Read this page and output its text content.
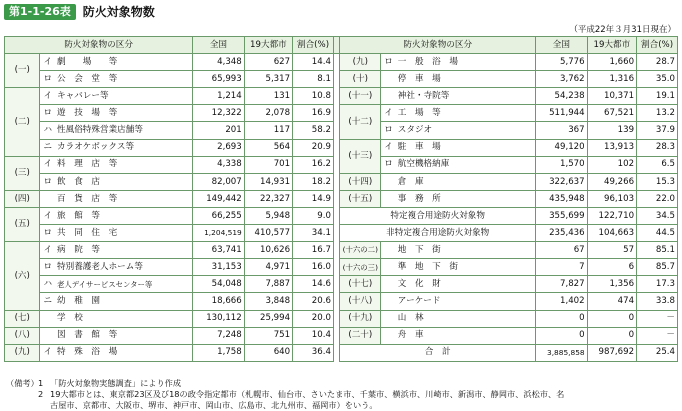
第1-1-26表	防火対象物数
（平成22年３月31日現在）
防火対象物の区分			全国	19大都市	割合(%)		防火対象物の区分			全国	19大都市	割合(%)
(一)	イ	劇　　場　　等	4,348	627	14.4		(九)	ロ	一　般　浴　場	5,776	1,660	28.7
	ロ	公　会　堂　等	65,993	5,317	8.1		(十)		停　車　場	3,762	1,316	35.0
(二)	イ	キャバレー等	1,214	131	10.8		(十一)		神社・寺院等	54,238	10,371	19.1
	ロ	遊　技　場　等	12,322	2,078	16.9		(十二)	イ	工　場　等	511,944	67,521	13.2
	ハ	性風俗特殊営業店舗等	201	117	58.2			ロ	スタジオ	367	139	37.9
	ニ	カラオケボックス等	2,693	564	20.9		(十三)	イ	駐　車　場	49,120	13,913	28.3
(三)	イ	料　理　店　等	4,338	701	16.2			ロ	航空機格納庫	1,570	102	6.5
	ロ	飲　食　店	82,007	14,931	18.2		(十四)		倉　庫	322,637	49,266	15.3
(四)		百　貨　店　等	149,442	22,327	14.9		(十五)		事　務　所	435,948	96,103	22.0
(五)	イ	旅　館　等	66,255	5,948	9.0		特定複合用途防火対象物			355,699	122,710	34.5
	ロ	共　同　住　宅	1,204,519	410,577	34.1		非特定複合用途防火対象物			235,436	104,663	44.5
(六)	イ	病　院　等	63,741	10,626	16.7		(十六の二)		地　下　街	67	57	85.1
	ロ	特別養護老人ホーム等	31,153	4,971	16.0		(十六の三)		準　地　下　街	7	6	85.7
	ハ	老人デイサービスセンター等	54,048	7,887	14.6		(十七)		文　化　財	7,827	1,356	17.3
	ニ	幼　稚　園	18,666	3,848	20.6		(十八)		アーケード	1,402	474	33.8
(七)		学　校	130,112	25,994	20.0		(十九)		山　林	0	0	－
(八)		図　書　館　等	7,248	751	10.4		(二十)		舟　車	0	0	－
(九)	イ	特　殊　浴　場	1,758	640	36.4		合　計			3,885,858	987,692	25.4
（備考） 1 「防火対象物実態調査」により作成
2 19大都市とは、東京都23区及び18の政令指定都市（札幌市、仙台市、さいたま市、千葉市、横浜市、川崎市、新潟市、静岡市、浜松市、名
古屋市、京都市、大阪市、堺市、神戸市、岡山市、広島市、北九州市、福岡市）をいう。
